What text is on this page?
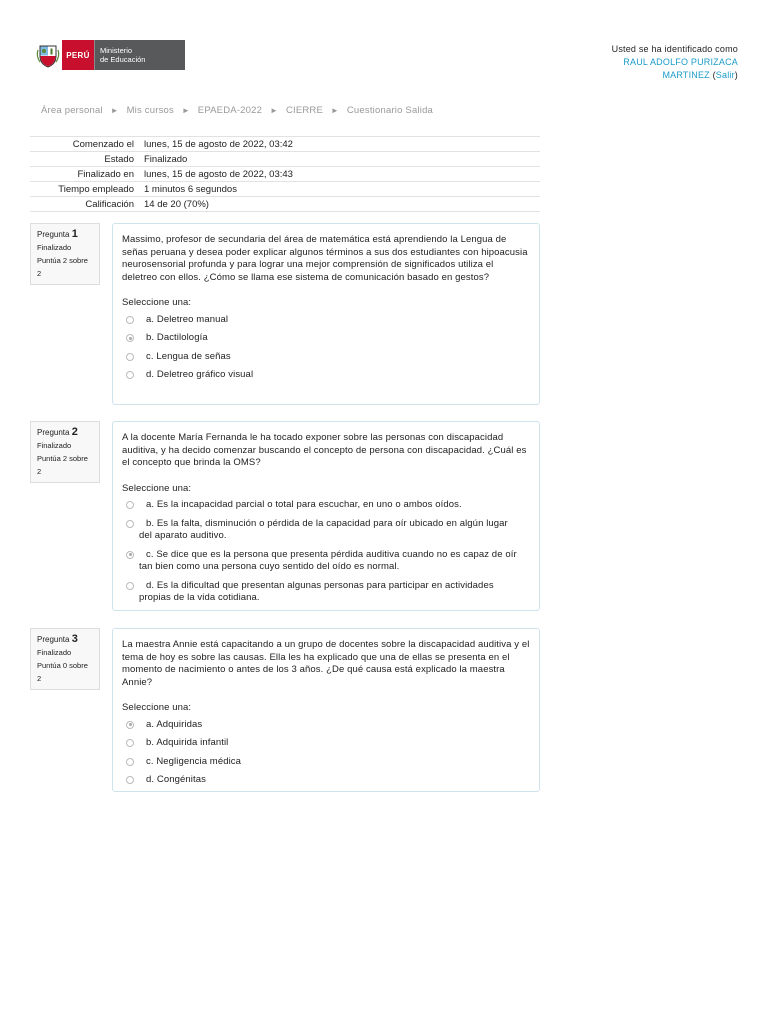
PERÚ	Ministerio
de Educación
Usted se ha identificado como
RAUL ADOLFO PURIZACA
MARTINEZ (Salir)
Área personal ► Mis cursos ► EPAEDA-2022 ► CIERRE ► Cuestionario Salida
Comenzado el	lunes, 15 de agosto de 2022, 03:42
Estado	Finalizado
Finalizado en	lunes, 15 de agosto de 2022, 03:43
Tiempo empleado	1 minutos 6 segundos
Calificación	14 de 20 (70%)
Pregunta 1
Finalizado
Puntúa 2 sobre 2
Massimo, profesor de secundaria del área de matemática está aprendiendo la Lengua de señas peruana y desea poder explicar algunos términos a sus dos estudiantes con hipoacusia neurosensorial profunda y para lograr una mejor comprensión de significados utiliza el deletreo con ellos. ¿Cómo se llama ese sistema de comunicación basado en gestos?
Seleccione una:
a. Deletreo manual
b. Dactilología
c. Lengua de señas
d. Deletreo gráfico visual
Pregunta 2
Finalizado
Puntúa 2 sobre 2
A la docente María Fernanda le ha tocado exponer sobre las personas con discapacidad auditiva, y ha decido comenzar buscando el concepto de persona con discapacidad. ¿Cuál es el concepto que brinda la OMS?
Seleccione una:
a. Es la incapacidad parcial o total para escuchar, en uno o ambos oídos.
b. Es la falta, disminución o pérdida de la capacidad para oír ubicado en algún lugar
del aparato auditivo.
c. Se dice que es la persona que presenta pérdida auditiva cuando no es capaz de oír
tan bien como una persona cuyo sentido del oído es normal.
d. Es la dificultad que presentan algunas personas para participar en actividades
propias de la vida cotidiana.
Pregunta 3
Finalizado
Puntúa 0 sobre 2
La maestra Annie está capacitando a un grupo de docentes sobre la discapacidad auditiva y el tema de hoy es sobre las causas. Ella les ha explicado que una de ellas se presenta en el momento de nacimiento o antes de los 3 años. ¿De qué causa está explicado la maestra Annie?
Seleccione una:
a. Adquiridas
b. Adquirida infantil
c. Negligencia médica
d. Congénitas
